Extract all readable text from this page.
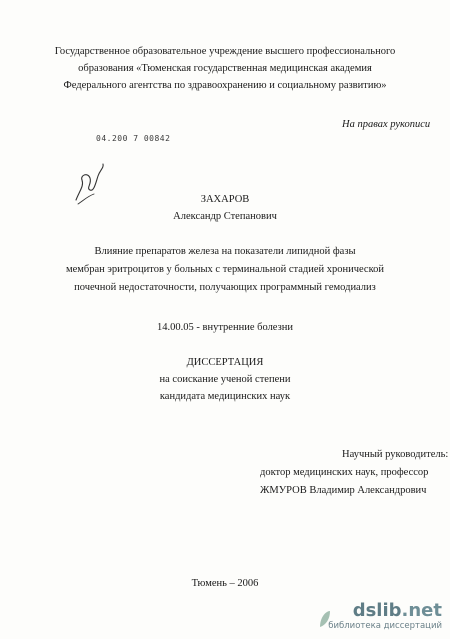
Государственное образовательное учреждение высшего профессионального
образования «Тюменская государственная медицинская академия
Федерального агентства по здравоохранению и социальному развитию»
На правах рукописи
04.200 7 00842
ЗАХАРОВ
Александр Степанович
Влияние препаратов железа на показатели липидной фазы
мембран эритроцитов у больных с терминальной стадией хронической
почечной недостаточности, получающих программный гемодиализ
14.00.05 - внутренние болезни
ДИССЕРТАЦИЯ
на соискание ученой степени
кандидата медицинских наук
Научный руководитель:
доктор медицинских наук, профессор
ЖМУРОВ Владимир Александрович
Тюмень – 2006
dslib.net
библиотека диссертаций
